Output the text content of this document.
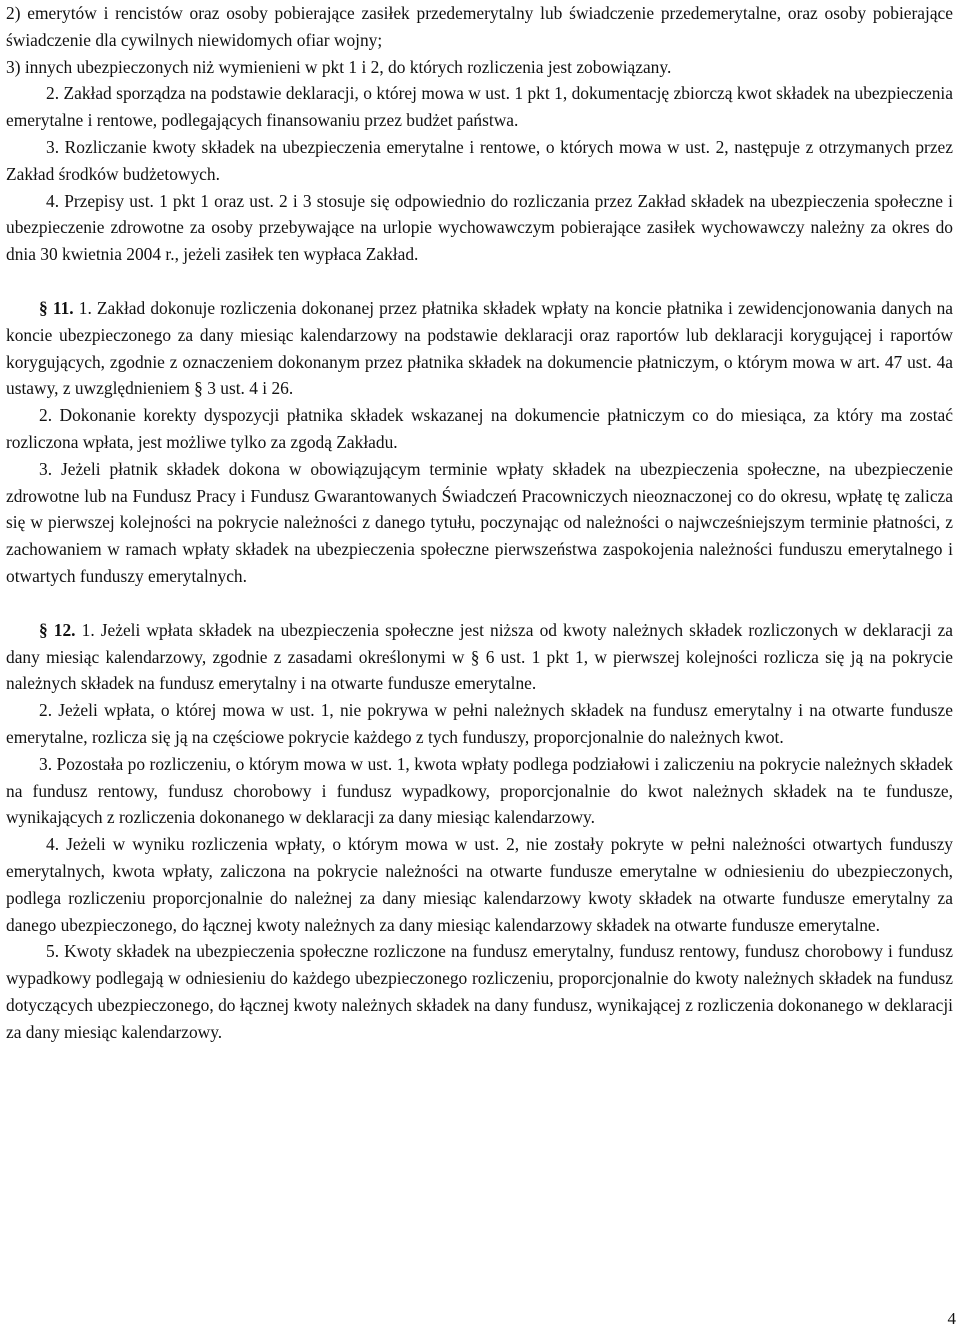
2) emerytów i rencistów oraz osoby pobierające zasiłek przedemerytalny lub świadczenie przedemerytalne, oraz osoby pobierające świadczenie dla cywilnych niewidomych ofiar wojny;

3) innych ubezpieczonych niż wymienieni w pkt 1 i 2, do których rozliczenia jest zobowiązany.

2. Zakład sporządza na podstawie deklaracji, o której mowa w ust. 1 pkt 1, dokumentację zbiorczą kwot składek na ubezpieczenia emerytalne i rentowe, podlegających finansowaniu przez budżet państwa.

3. Rozliczanie kwoty składek na ubezpieczenia emerytalne i rentowe, o których mowa w ust. 2, następuje z otrzymanych przez Zakład środków budżetowych.

4. Przepisy ust. 1 pkt 1 oraz ust. 2 i 3 stosuje się odpowiednio do rozliczania przez Zakład składek na ubezpieczenia społeczne i ubezpieczenie zdrowotne za osoby przebywające na urlopie wychowawczym pobierające zasiłek wychowawczy należny za okres do dnia 30 kwietnia 2004 r., jeżeli zasiłek ten wypłaca Zakład.

§ 11. 1. Zakład dokonuje rozliczenia dokonanej przez płatnika składek wpłaty na koncie płatnika i zewidencjonowania danych na koncie ubezpieczonego za dany miesiąc kalendarzowy na podstawie deklaracji oraz raportów lub deklaracji korygującej i raportów korygujących, zgodnie z oznaczeniem dokonanym przez płatnika składek na dokumencie płatniczym, o którym mowa w art. 47 ust. 4a ustawy, z uwzględnieniem § 3 ust. 4 i 26.

2. Dokonanie korekty dyspozycji płatnika składek wskazanej na dokumencie płatniczym co do miesiąca, za który ma zostać rozliczona wpłata, jest możliwe tylko za zgodą Zakładu.

3. Jeżeli płatnik składek dokona w obowiązującym terminie wpłaty składek na ubezpieczenia społeczne, na ubezpieczenie zdrowotne lub na Fundusz Pracy i Fundusz Gwarantowanych Świadczeń Pracowniczych nieoznaczonej co do okresu, wpłatę tę zalicza się w pierwszej kolejności na pokrycie należności z danego tytułu, poczynając od należności o najwcześniejszym terminie płatności, z zachowaniem w ramach wpłaty składek na ubezpieczenia społeczne pierwszeństwa zaspokojenia należności funduszu emerytalnego i otwartych funduszy emerytalnych.

§ 12. 1. Jeżeli wpłata składek na ubezpieczenia społeczne jest niższa od kwoty należnych składek rozliczonych w deklaracji za dany miesiąc kalendarzowy, zgodnie z zasadami określonymi w § 6 ust. 1 pkt 1, w pierwszej kolejności rozlicza się ją na pokrycie należnych składek na fundusz emerytalny i na otwarte fundusze emerytalne.

2. Jeżeli wpłata, o której mowa w ust. 1, nie pokrywa w pełni należnych składek na fundusz emerytalny i na otwarte fundusze emerytalne, rozlicza się ją na częściowe pokrycie każdego z tych funduszy, proporcjonalnie do należnych kwot.

3. Pozostała po rozliczeniu, o którym mowa w ust. 1, kwota wpłaty podlega podziałowi i zaliczeniu na pokrycie należnych składek na fundusz rentowy, fundusz chorobowy i fundusz wypadkowy, proporcjonalnie do kwot należnych składek na te fundusze, wynikających z rozliczenia dokonanego w deklaracji za dany miesiąc kalendarzowy.

4. Jeżeli w wyniku rozliczenia wpłaty, o którym mowa w ust. 2, nie zostały pokryte w pełni należności otwartych funduszy emerytalnych, kwota wpłaty, zaliczona na pokrycie należności na otwarte fundusze emerytalne w odniesieniu do ubezpieczonych, podlega rozliczeniu proporcjonalnie do należnej za dany miesiąc kalendarzowy kwoty składek na otwarte fundusze emerytalny za danego ubezpieczonego, do łącznej kwoty należnych za dany miesiąc kalendarzowy składek na otwarte fundusze emerytalne.

5. Kwoty składek na ubezpieczenia społeczne rozliczone na fundusz emerytalny, fundusz rentowy, fundusz chorobowy i fundusz wypadkowy podlegają w odniesieniu do każdego ubezpieczonego rozliczeniu, proporcjonalnie do kwoty należnych składek na fundusz dotyczących ubezpieczonego, do łącznej kwoty należnych składek na dany fundusz, wynikającej z rozliczenia dokonanego w deklaracji za dany miesiąc kalendarzowy.

4
